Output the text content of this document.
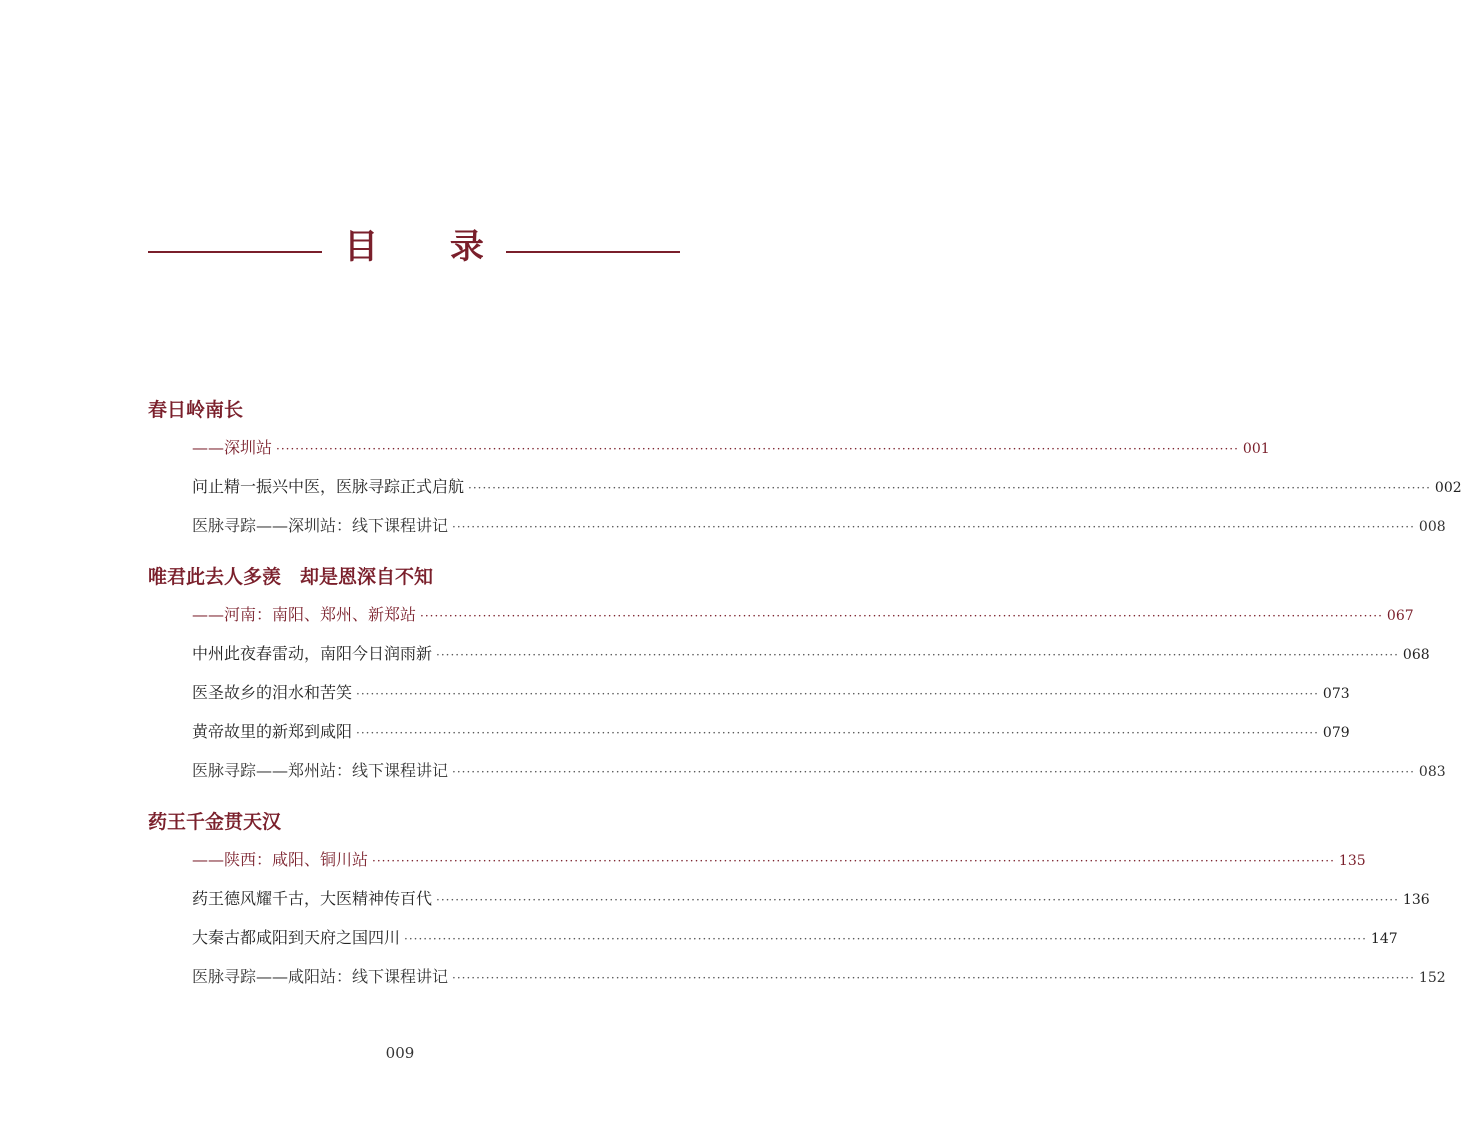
目 录
春日岭南长
——深圳站 ········································································································································································································ 001
问止精一振兴中医，医脉寻踪正式启航 ········································································································································································································ 002
医脉寻踪——深圳站：线下课程讲记 ········································································································································································································ 008
唯君此去人多羡　却是恩深自不知
——河南：南阳、郑州、新郑站 ········································································································································································································ 067
中州此夜春雷动，南阳今日润雨新 ········································································································································································································ 068
医圣故乡的泪水和苦笑 ········································································································································································································ 073
黄帝故里的新郑到咸阳 ········································································································································································································ 079
医脉寻踪——郑州站：线下课程讲记 ········································································································································································································ 083
药王千金贯天汉
——陕西：咸阳、铜川站 ········································································································································································································ 135
药王德风耀千古，大医精神传百代 ········································································································································································································ 136
大秦古都咸阳到天府之国四川 ········································································································································································································ 147
医脉寻踪——咸阳站：线下课程讲记 ········································································································································································································ 152
009
